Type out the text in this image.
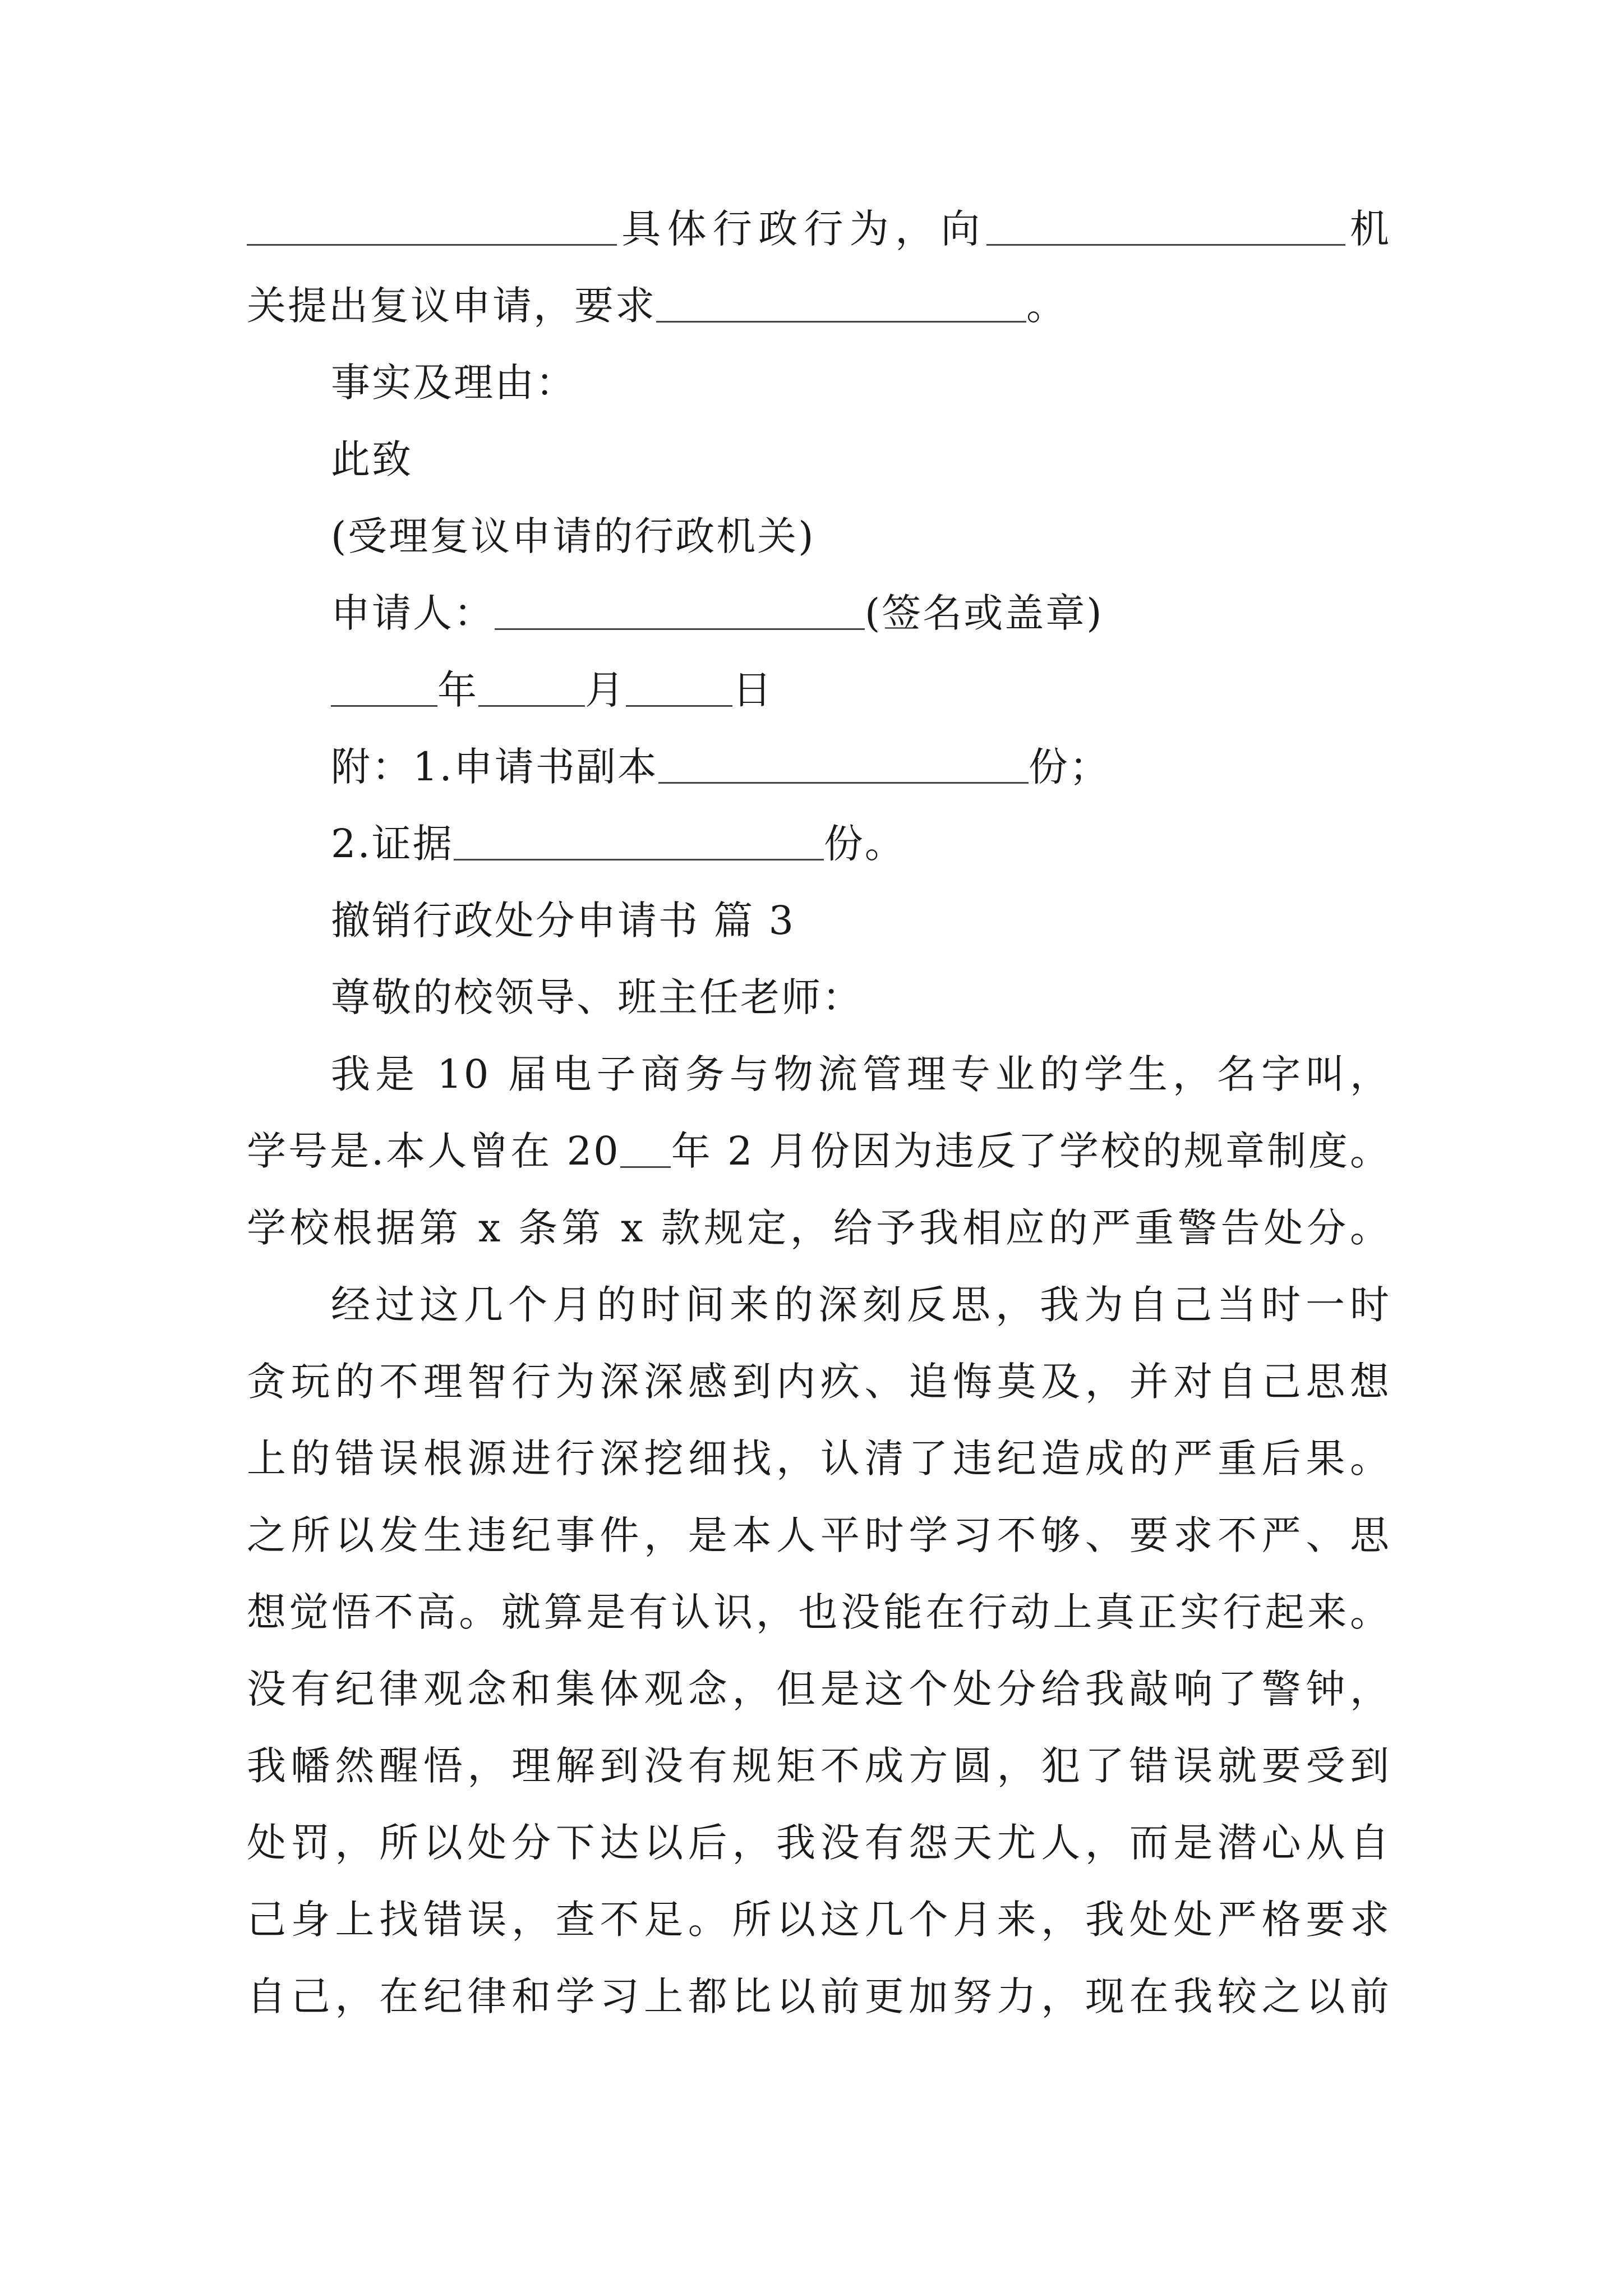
具体行政行为，向	机
关提出复议申请，要求	。
事实及理由：
此致
(受理复议申请的行政机关)
申请人：	(签名或盖章)
年	月	日
附：1.申请书副本	份；
2.证据	份。
撤销行政处分申请书 篇 3
尊敬的校领导、班主任老师：
我是 10 届电子商务与物流管理专业的学生，名字叫，
学号是.本人曾在 20 年 2 月份因为违反了学校的规章制度。
学校根据第 x 条第 x 款规定，给予我相应的严重警告处分。
经过这几个月的时间来的深刻反思，我为自己当时一时
贪玩的不理智行为深深感到内疚、追悔莫及，并对自己思想
上的错误根源进行深挖细找，认清了违纪造成的严重后果。
之所以发生违纪事件，是本人平时学习不够、要求不严、思
想觉悟不高。就算是有认识，也没能在行动上真正实行起来。
没有纪律观念和集体观念，但是这个处分给我敲响了警钟，
我幡然醒悟，理解到没有规矩不成方圆，犯了错误就要受到
处罚，所以处分下达以后，我没有怨天尤人，而是潜心从自
己身上找错误，查不足。所以这几个月来，我处处严格要求
自己，在纪律和学习上都比以前更加努力，现在我较之以前
